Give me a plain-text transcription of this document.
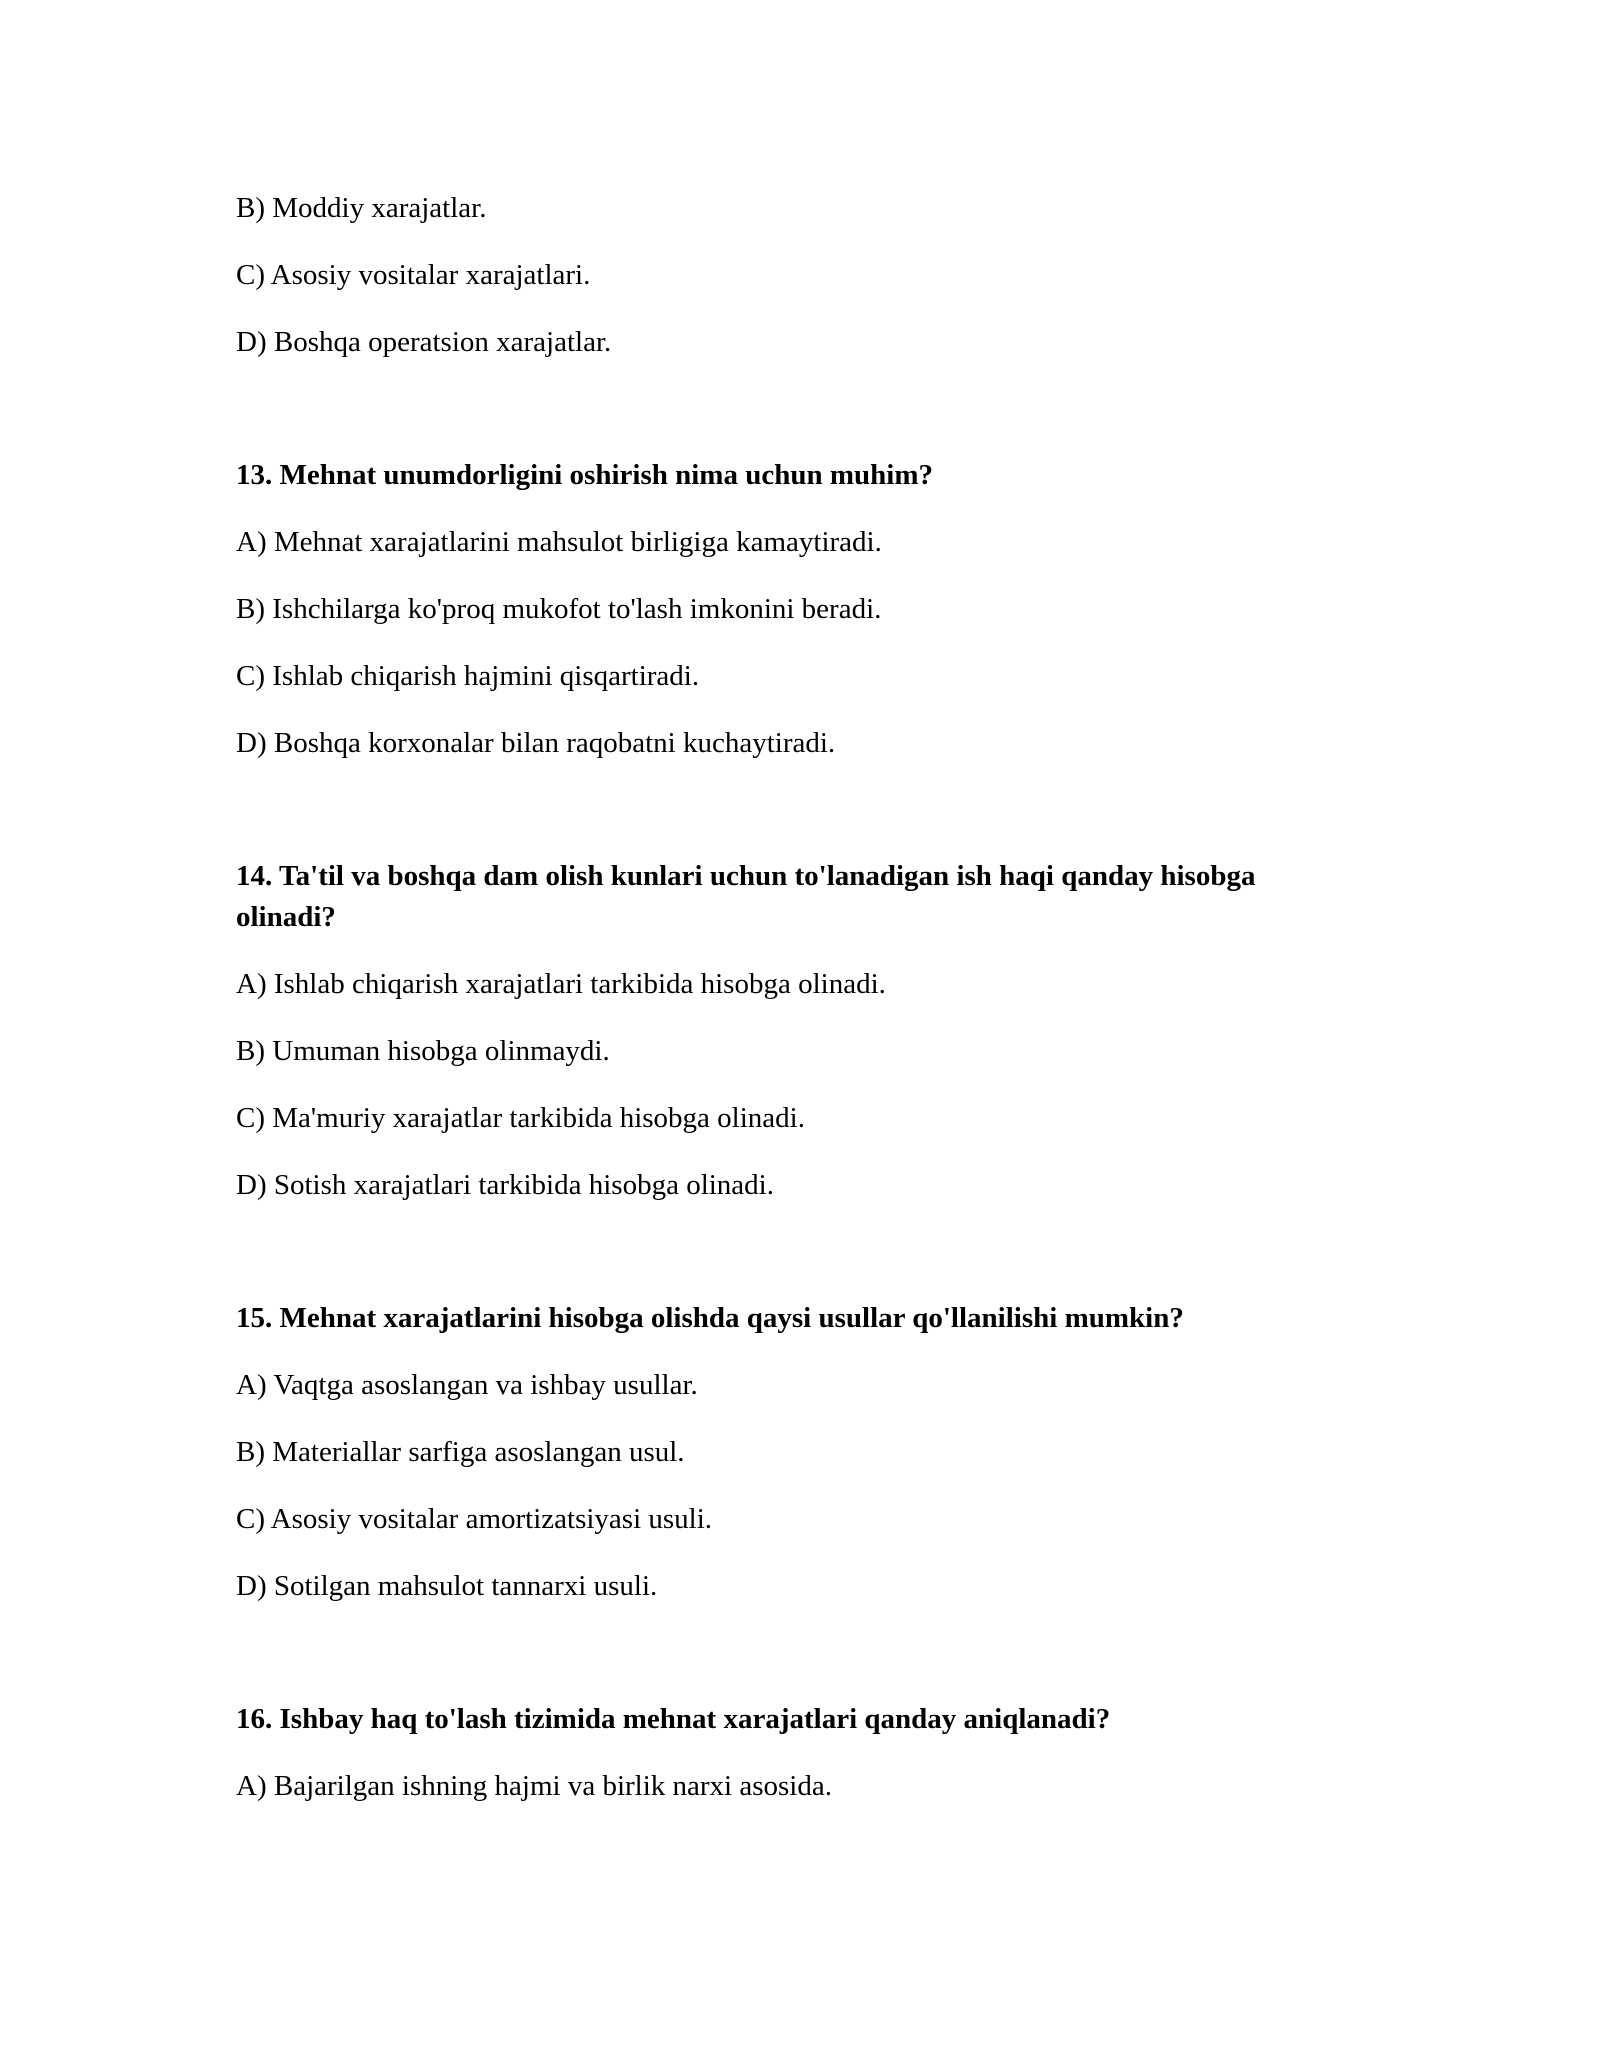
B) Moddiy xarajatlar.
C) Asosiy vositalar xarajatlari.
D) Boshqa operatsion xarajatlar.
13. Mehnat unumdorligini oshirish nima uchun muhim?
A) Mehnat xarajatlarini mahsulot birligiga kamaytiradi.
B) Ishchilarga ko'proq mukofot to'lash imkonini beradi.
C) Ishlab chiqarish hajmini qisqartiradi.
D) Boshqa korxonalar bilan raqobatni kuchaytiradi.
14. Ta'til va boshqa dam olish kunlari uchun to'lanadigan ish haqi qanday hisobga
olinadi?
A) Ishlab chiqarish xarajatlari tarkibida hisobga olinadi.
B) Umuman hisobga olinmaydi.
C) Ma'muriy xarajatlar tarkibida hisobga olinadi.
D) Sotish xarajatlari tarkibida hisobga olinadi.
15. Mehnat xarajatlarini hisobga olishda qaysi usullar qo'llanilishi mumkin?
A) Vaqtga asoslangan va ishbay usullar.
B) Materiallar sarfiga asoslangan usul.
C) Asosiy vositalar amortizatsiyasi usuli.
D) Sotilgan mahsulot tannarxi usuli.
16. Ishbay haq to'lash tizimida mehnat xarajatlari qanday aniqlanadi?
A) Bajarilgan ishning hajmi va birlik narxi asosida.
